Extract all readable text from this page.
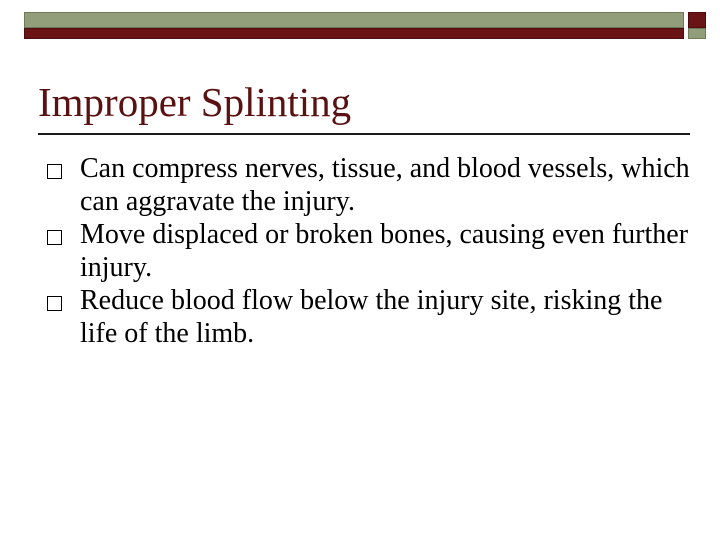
Improper Splinting
Can compress nerves, tissue, and blood vessels, which can aggravate the injury.
Move displaced or broken bones, causing even further injury.
Reduce blood flow below the injury site, risking the life of the limb.
